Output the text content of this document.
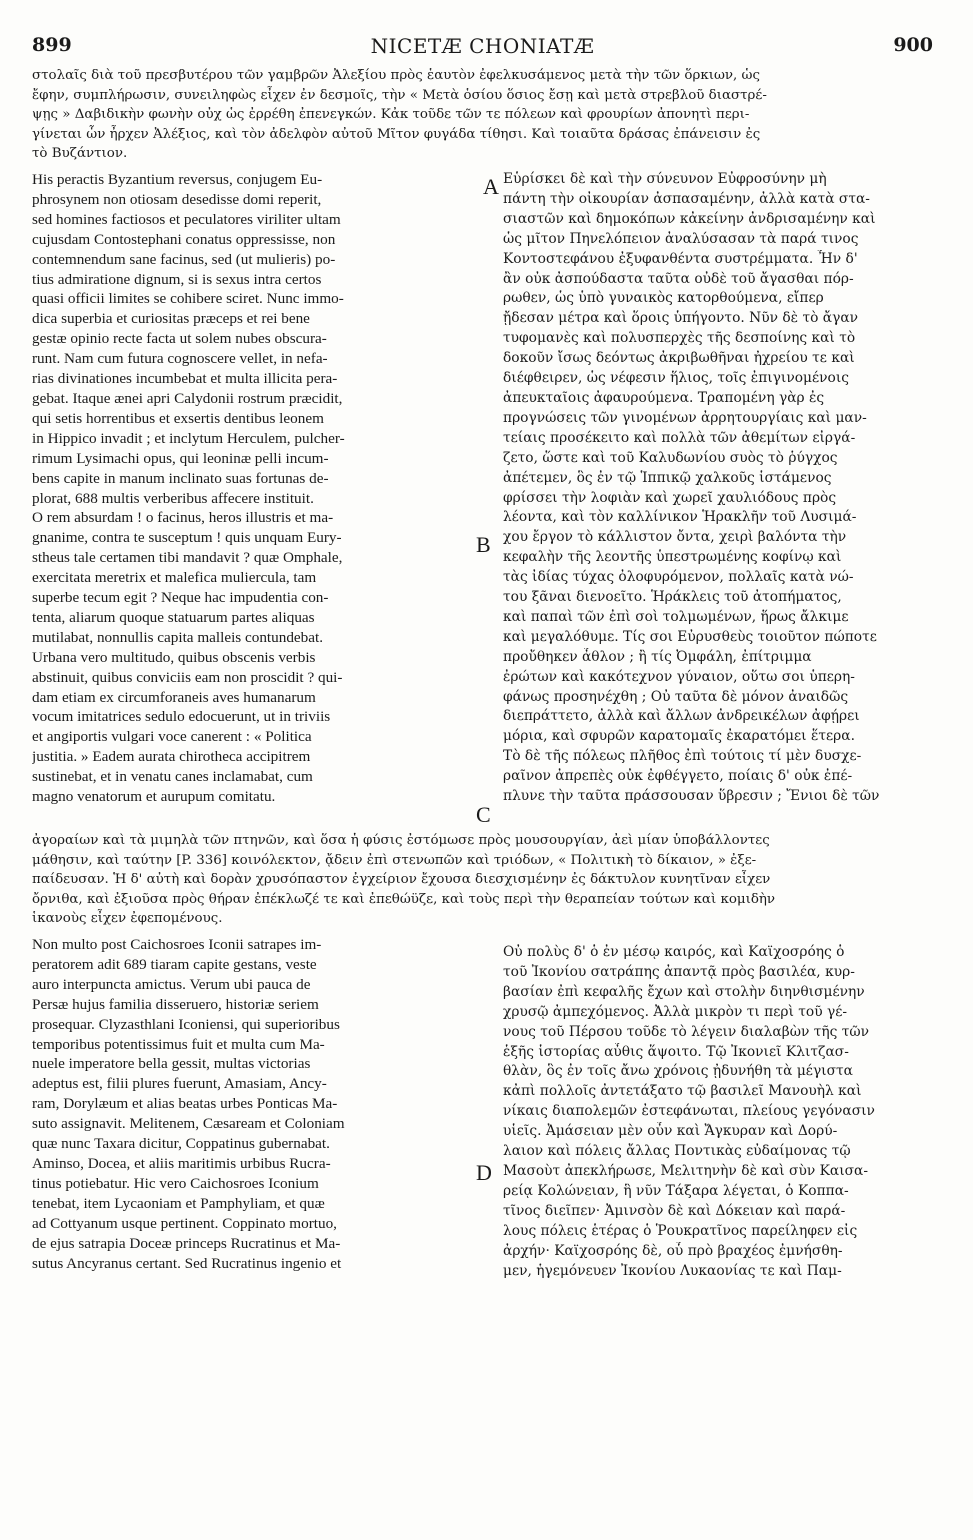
899	NICETÆ CHONIATÆ	900
στολαῖς διὰ τοῦ πρεσβυτέρου τῶν γαμβρῶν Ἀλεξίου πρὸς ἑαυτὸν ἐφελκυσάμενος μετὰ τὴν τῶν ὅρκιων, ὡς
ἔφην, συμπλήρωσιν, συνειληφὼς εἶχεν ἐν δεσμοῖς, τὴν « Μετὰ ὁσίου ὅσιος ἔσῃ καὶ μετὰ στρεβλοῦ διαστρέ-
ψῃς » Δαβιδικὴν φωνὴν οὐχ ὡς ἐρρέθη ἐπενεγκών. Κἀκ τοῦδε τῶν τε πόλεων καὶ φρουρίων ἀπονητὶ περι-
γίνεται ὧν ἦρχεν Ἀλέξιος, καὶ τὸν ἀδελφὸν αὐτοῦ Μῖτον φυγάδα τίθησι. Καὶ τοιαῦτα δράσας ἐπάνεισιν ἐς
τὸ Βυζάντιον.
His peractis Byzantium reversus, conjugem Eu-
phrosynem non otiosam desedisse domi reperit,
sed homines factiosos et peculatores viriliter ultam
cujusdam Contostephani conatus oppressisse, non
contemnendum sane facinus, sed (ut mulieris) po-
tius admiratione dignum, si is sexus intra certos
quasi officii limites se cohibere sciret. Nunc immo-
dica superbia et curiositas præceps et rei bene
gestæ opinio recte facta ut solem nubes obscura-
runt. Nam cum futura cognoscere vellet, in nefa-
rias divinationes incumbebat et multa illicita pera-
gebat. Itaque ænei apri Calydonii rostrum præcidit,
qui setis horrentibus et exsertis dentibus leonem
in Hippico invadit ; et inclytum Herculem, pulcher-
rimum Lysimachi opus, qui leoninæ pelli incum-
bens capite in manum inclinato suas fortunas de-
plorat, 688 multis verberibus affecere instituit.
O rem absurdam ! o facinus, heros illustris et ma-
gnanime, contra te susceptum ! quis unquam Eury-
stheus tale certamen tibi mandavit ? quæ Omphale,
exercitata meretrix et malefica muliercula, tam
superbe tecum egit ? Neque hac impudentia con-
tenta, aliarum quoque statuarum partes aliquas
mutilabat, nonnullis capita malleis contundebat.
Urbana vero multitudo, quibus obscenis verbis
abstinuit, quibus conviciis eam non proscidit ? qui-
dam etiam ex circumforaneis aves humanarum
vocum imitatrices sedulo edocuerunt, ut in triviis
et angiportis vulgari voce canerent : « Politica
justitia. » Eadem aurata chirotheca accipitrem
sustinebat, et in venatu canes inclamabat, cum
magno venatorum et aurupum comitatu.
Εὑρίσκει δὲ καὶ τὴν σύνευνον Εὐφροσύνην μὴ
πάντη τὴν οἰκουρίαν ἀσπασαμένην, ἀλλὰ κατὰ στα-
σιαστῶν καὶ δημοκόπων κἀκείνην ἀνδρισαμένην καὶ
ὡς μῖτον Πηνελόπειον ἀναλύσασαν τὰ παρά τινος
Κοντοστεφάνου ἐξυφανθέντα συστρέμματα. Ἦν δ'
ἂν οὐκ ἀσπούδαστα ταῦτα οὐδὲ τοῦ ἄγασθαι πόρ-
ρωθεν, ὡς ὑπὸ γυναικὸς κατορθούμενα, εἴπερ
ᾔδεσαν μέτρα καὶ ὅροις ὑπήγοντο. Νῦν δὲ τὸ ἄγαν
τυφομανὲς καὶ πολυσπερχὲς τῆς δεσποίνης καὶ τὸ
δοκοῦν ἴσως δεόντως ἀκριβωθῆναι ἠχρείου τε καὶ
διέφθειρεν, ὡς νέφεσιν ἥλιος, τοῖς ἐπιγινομένοις
ἀπευκταῖοις ἀφαυρούμενα. Τραπομένη γὰρ ἐς
προγνώσεις τῶν γινομένων ἀρρητουργίαις καὶ μαν-
τείαις προσέκειτο καὶ πολλὰ τῶν ἀθεμίτων εἰργά-
ζετο, ὥστε καὶ τοῦ Καλυδωνίου συὸς τὸ ῥύγχος
ἀπέτεμεν, ὃς ἐν τῷ Ἱππικῷ χαλκοῦς ἱστάμενος
φρίσσει τὴν λοφιὰν καὶ χωρεῖ χαυλιόδους πρὸς
λέοντα, καὶ τὸν καλλίνικον Ἡρακλῆν τοῦ Λυσιμά-
χου ἔργον τὸ κάλλιστον ὄντα, χειρὶ βαλόντα τὴν
κεφαλὴν τῆς λεοντῆς ὑπεστρωμένης κοφίνῳ καὶ
τὰς ἰδίας τύχας ὀλοφυρόμενον, πολλαῖς κατὰ νώ-
του ξᾶναι διενοεῖτο. Ἡράκλεις τοῦ ἀτοπήματος,
καὶ παπαὶ τῶν ἐπὶ σοὶ τολμωμένων, ἥρως ἄλκιμε
καὶ μεγαλόθυμε. Τίς σοι Εὐρυσθεὺς τοιοῦτον πώποτε
προὔθηκεν ἆθλον ; ἢ τίς Ὀμφάλη, ἐπίτριμμα
ἐρώτων καὶ κακότεχνον γύναιον, οὕτω σοι ὑπερη-
φάνως προσηνέχθη ; Οὐ ταῦτα δὲ μόνον ἀναιδῶς
διεπράττετο, ἀλλὰ καὶ ἄλλων ἀνδρεικέλων ἀφῄρει
μόρια, καὶ σφυρῶν καρατομαῖς ἐκαρατόμει ἕτερα.
Τὸ δὲ τῆς πόλεως πλῆθος ἐπὶ τούτοις τί μὲν δυσχε-
ραῖνον ἀπρεπὲς οὐκ ἐφθέγγετο, ποίαις δ' οὐκ ἐπέ-
πλυνε τὴν ταῦτα πράσσουσαν ὕβρεσιν ; Ἔνιοι δὲ τῶν
A
B
C
D
ἀγοραίων καὶ τὰ μιμηλὰ τῶν πτηνῶν, καὶ ὅσα ἡ φύσις ἐστόμωσε πρὸς μουσουργίαν, ἀεὶ μίαν ὑποβάλλοντες
μάθησιν, καὶ ταύτην [P. 336] κοινόλεκτον, ᾄδειν ἐπὶ στενωπῶν καὶ τριόδων, « Πολιτικὴ τὸ δίκαιον, » ἐξε-
παίδευσαν. Ἡ δ' αὐτὴ καὶ δορὰν χρυσόπαστον ἐγχείριον ἔχουσα διεσχισμένην ἐς δάκτυλον κυνητῖναν εἶχεν
ὄρνιθα, καὶ ἐξιοῦσα πρὸς θήραν ἐπέκλωζέ τε καὶ ἐπεθώϋζε, καὶ τοὺς περὶ τὴν θεραπείαν τούτων καὶ κομιδὴν
ἱκανοὺς εἶχεν ἐφεπομένους.
Non multo post Caichosroes Iconii satrapes im-
peratorem adit 689 tiaram capite gestans, veste
auro interpuncta amictus. Verum ubi pauca de
Persæ hujus familia disseruero, historiæ seriem
prosequar. Clyzasthlani Iconiensi, qui superioribus
temporibus potentissimus fuit et multa cum Ma-
nuele imperatore bella gessit, multas victorias
adeptus est, filii plures fuerunt, Amasiam, Ancy-
ram, Dorylæum et alias beatas urbes Ponticas Ma-
suto assignavit. Melitenem, Cæsaream et Coloniam
quæ nunc Taxara dicitur, Coppatinus gubernabat.
Aminso, Docea, et aliis maritimis urbibus Rucra-
tinus potiebatur. Hic vero Caichosroes Iconium
tenebat, item Lycaoniam et Pamphyliam, et quæ
ad Cottyanum usque pertinent. Coppinato mortuo,
de ejus satrapia Doceæ princeps Rucratinus et Ma-
sutus Ancyranus certant. Sed Rucratinus ingenio et
Οὐ πολὺς δ' ὁ ἐν μέσῳ καιρός, καὶ Καϊχοσρόης ὁ
τοῦ Ἰκονίου σατράπης ἀπαντᾷ πρὸς βασιλέα, κυρ-
βασίαν ἐπὶ κεφαλῆς ἔχων καὶ στολὴν διηνθισμένην
χρυσῷ ἀμπεχόμενος. Ἀλλὰ μικρὸν τι περὶ τοῦ γέ-
νους τοῦ Πέρσου τοῦδε τὸ λέγειν διαλαβὼν τῆς τῶν
ἑξῆς ἱστορίας αὖθις ἅψοιτο. Τῷ Ἰκονιεῖ Κλιτζασ-
θλὰν, ὃς ἐν τοῖς ἄνω χρόνοις ᾐδυνήθη τὰ μέγιστα
κἀπὶ πολλοῖς ἀντετάξατο τῷ βασιλεῖ Μανουὴλ καὶ
νίκαις διαπολεμῶν ἐστεφάνωται, πλείους γεγόνασιν
υἱεῖς. Ἀμάσειαν μὲν οὖν καὶ Ἄγκυραν καὶ Δορύ-
λαιον καὶ πόλεις ἄλλας Ποντικὰς εὐδαίμονας τῷ
Μασοὺτ ἀπεκλήρωσε, Μελιτηνὴν δὲ καὶ σὺν Καισα-
ρείᾳ Κολώνειαν, ἣ νῦν Τάξαρα λέγεται, ὁ Κοππα-
τῖνος διεῖπεν· Ἀμινσὸν δὲ καὶ Δόκειαν καὶ παρά-
λους πόλεις ἑτέρας ὁ Ῥουκρατῖνος παρείληφεν εἰς
ἀρχήν· Καϊχοσρόης δὲ, οὗ πρὸ βραχέος ἐμνήσθη-
μεν, ἡγεμόνευεν Ἰκονίου Λυκαονίας τε καὶ Παμ-
